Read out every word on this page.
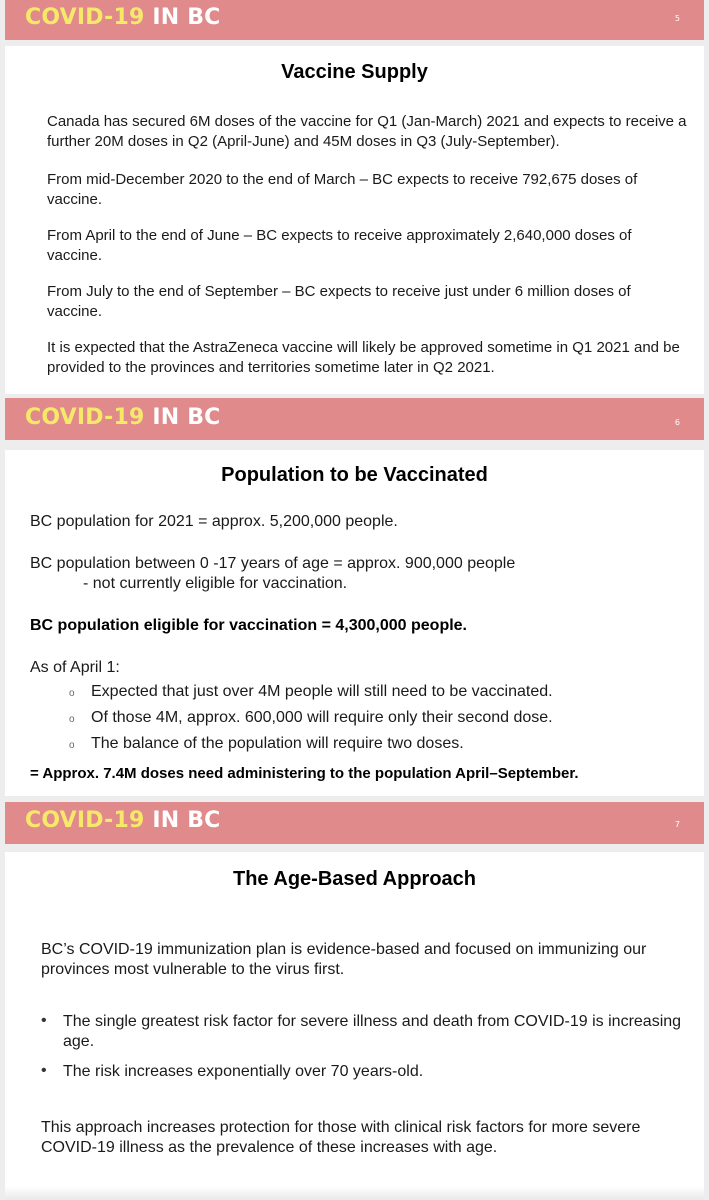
COVID-19 IN BC	5
Vaccine Supply

Canada has secured 6M doses of the vaccine for Q1 (Jan-March) 2021 and expects to receive a further 20M doses in Q2 (April-June) and 45M doses in Q3 (July-September).

From mid-December 2020 to the end of March – BC expects to receive 792,675 doses of vaccine.

From April to the end of June – BC expects to receive approximately 2,640,000 doses of vaccine.

From July to the end of September – BC expects to receive just under 6 million doses of vaccine.

It is expected that the AstraZeneca vaccine will likely be approved sometime in Q1 2021 and be provided to the provinces and territories sometime later in Q2 2021.

COVID-19 IN BC	6
Population to be Vaccinated

BC population for 2021 = approx. 5,200,000 people.

BC population between 0 -17 years of age = approx. 900,000 people

- not currently eligible for vaccination.

BC population eligible for vaccination = 4,300,000 people.

As of April 1:

o Expected that just over 4M people will still need to be vaccinated.

o Of those 4M, approx. 600,000 will require only their second dose.

o The balance of the population will require two doses.

= Approx. 7.4M doses need administering to the population April–September.

COVID-19 IN BC	7
The Age-Based Approach

BC’s COVID-19 immunization plan is evidence-based and focused on immunizing our provinces most vulnerable to the virus first.

• The single greatest risk factor for severe illness and death from COVID-19 is increasing age.

• The risk increases exponentially over 70 years-old.

This approach increases protection for those with clinical risk factors for more severe COVID-19 illness as the prevalence of these increases with age.
